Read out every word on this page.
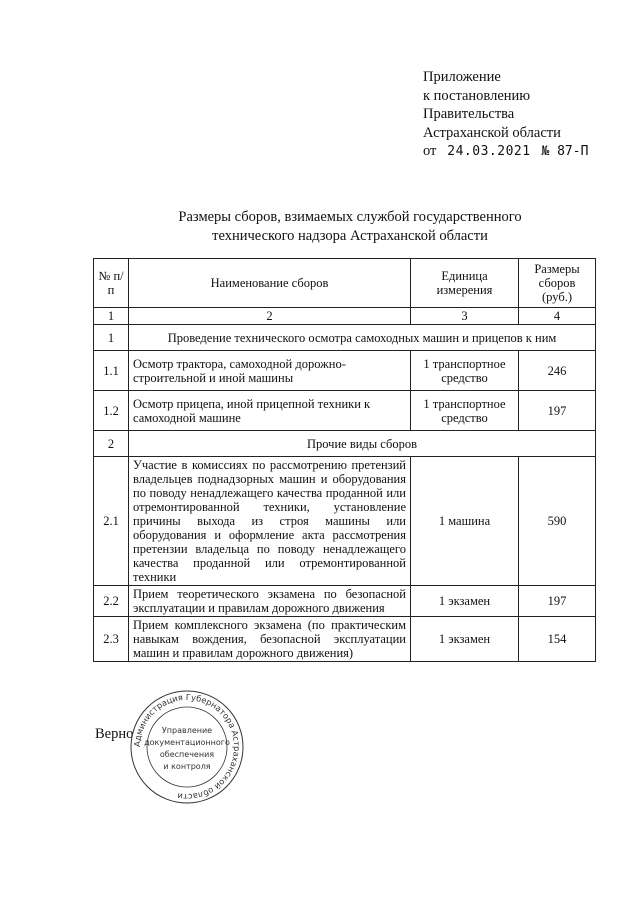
Приложение
к постановлению
Правительства
Астраханской области
от 24.03.2021 № 87-П
Размеры сборов, взимаемых службой государственного
технического надзора Астраханской области
№ п/п	Наименование сборов	Единица измерения	Размеры сборов (руб.)
1	2	3	4
1	Проведение технического осмотра самоходных машин и прицепов к ним		
1.1	Осмотр трактора, самоходной дорожно-строительной и иной машины	1 транспортное средство	246
1.2	Осмотр прицепа, иной прицепной техники к самоходной машине	1 транспортное средство	197
2	Прочие виды сборов		
2.1	Участие в комиссиях по рассмотрению претензий владельцев поднадзорных машин и оборудования по поводу ненадлежащего качества проданной или отремонтированной техники, установление причины выхода из строя машины или оборудования и оформление акта рассмотрения претензии владельца по поводу ненадлежащего качества проданной или отремонтированной техники	1 машина	590
2.2	Прием теоретического экзамена по безопасной эксплуатации и правилам дорожного движения	1 экзамен	197
2.3	Прием комплексного экзамена (по практическим навыкам вождения, безопасной эксплуатации машин и правилам дорожного движения)	1 экзамен	154
Верно
Администрация Губернатора Астраханской области
Управление
документационного
обеспечения
и контроля
